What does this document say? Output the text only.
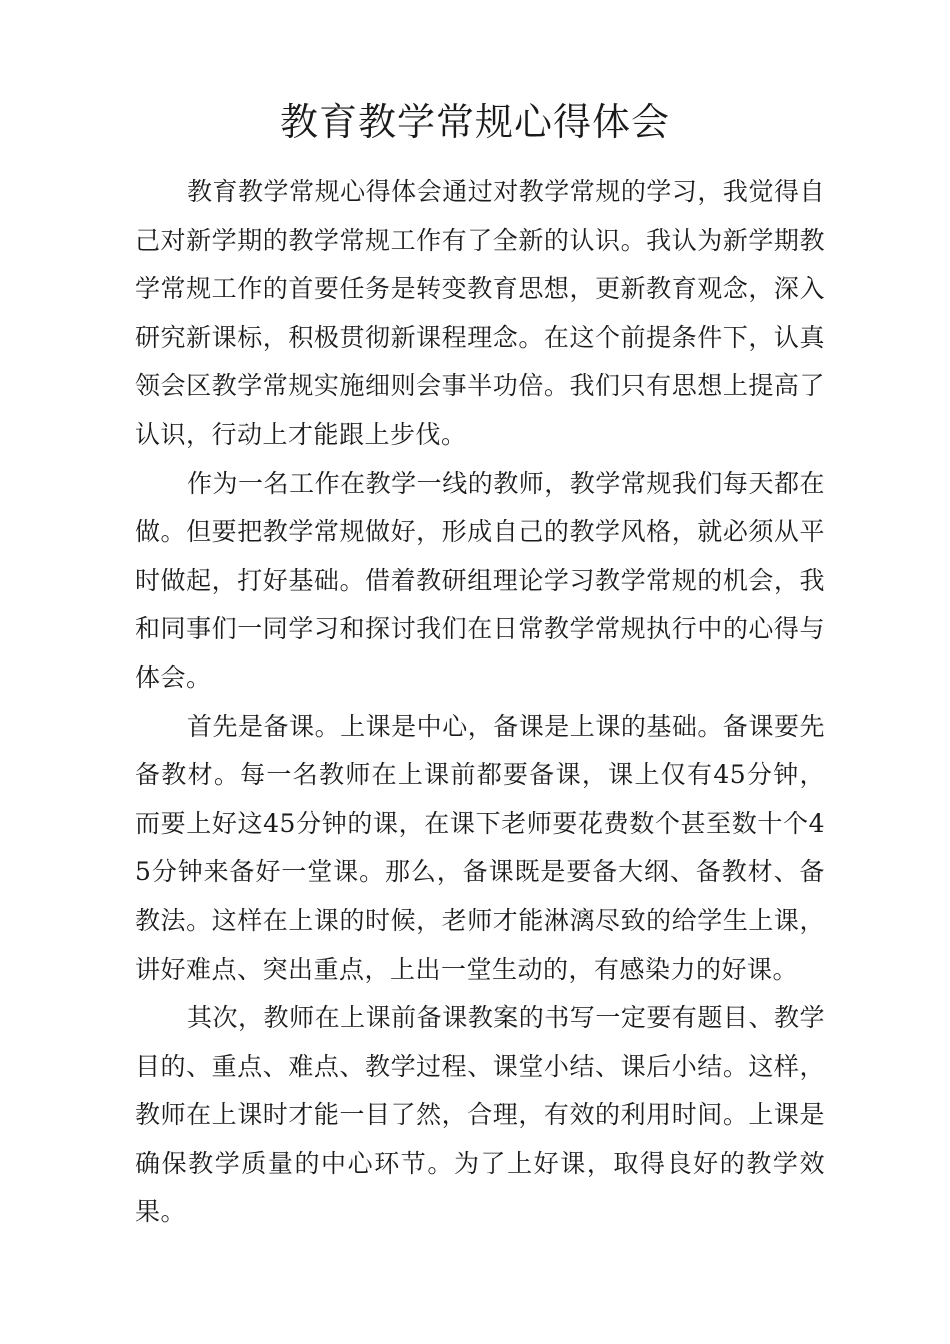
教育教学常规心得体会

教育教学常规心得体会通过对教学常规的学习，我觉得自己对新学期的教学常规工作有了全新的认识。我认为新学期教学常规工作的首要任务是转变教育思想，更新教育观念，深入研究新课标，积极贯彻新课程理念。在这个前提条件下，认真领会区教学常规实施细则会事半功倍。我们只有思想上提高了认识，行动上才能跟上步伐。

作为一名工作在教学一线的教师，教学常规我们每天都在做。但要把教学常规做好，形成自己的教学风格，就必须从平时做起，打好基础。借着教研组理论学习教学常规的机会，我和同事们一同学习和探讨我们在日常教学常规执行中的心得与体会。

首先是备课。上课是中心，备课是上课的基础。备课要先备教材。每一名教师在上课前都要备课，课上仅有45分钟，而要上好这45分钟的课，在课下老师要花费数个甚至数十个45分钟来备好一堂课。那么，备课既是要备大纲、备教材、备教法。这样在上课的时候，老师才能淋漓尽致的给学生上课，讲好难点、突出重点，上出一堂生动的，有感染力的好课。

其次，教师在上课前备课教案的书写一定要有题目、教学目的、重点、难点、教学过程、课堂小结、课后小结。这样，教师在上课时才能一目了然，合理，有效的利用时间。上课是确保教学质量的中心环节。为了上好课，取得良好的教学效果。
